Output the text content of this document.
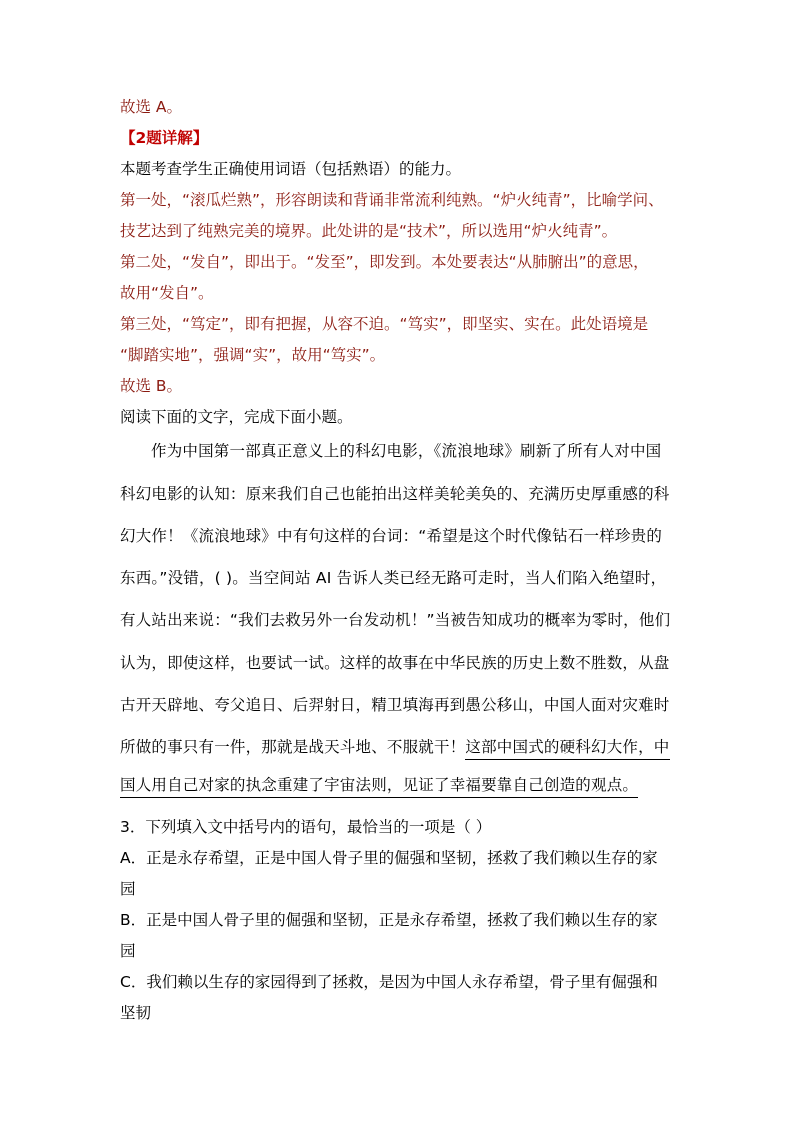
故选 A。
【2题详解】
本题考查学生正确使用词语（包括熟语）的能力。
第一处，“滚瓜烂熟”，形容朗读和背诵非常流利纯熟。“炉火纯青”，比喻学问、
技艺达到了纯熟完美的境界。此处讲的是“技术”，所以选用“炉火纯青”。
第二处，“发自”，即出于。“发至”，即发到。本处要表达“从肺腑出”的意思，
故用“发自”。
第三处，“笃定”，即有把握，从容不迫。“笃实”，即坚实、实在。此处语境是
“脚踏实地”，强调“实”，故用“笃实”。
故选 B。
阅读下面的文字，完成下面小题。
作为中国第一部真正意义上的科幻电影，《流浪地球》刷新了所有人对中国
科幻电影的认知：原来我们自己也能拍出这样美轮美奂的、充满历史厚重感的科
幻大作！《流浪地球》中有句这样的台词：“希望是这个时代像钻石一样珍贵的
东西。”没错，( )。当空间站 AI 告诉人类已经无路可走时，当人们陷入绝望时，
有人站出来说：“我们去救另外一台发动机！”当被告知成功的概率为零时，他们
认为，即使这样，也要试一试。这样的故事在中华民族的历史上数不胜数，从盘
古开天辟地、夸父追日、后羿射日，精卫填海再到愚公移山，中国人面对灾难时
所做的事只有一件，那就是战天斗地、不服就干！这部中国式的硬科幻大作，中
国人用自己对家的执念重建了宇宙法则，见证了幸福要靠自己创造的观点。
3．下列填入文中括号内的语句，最恰当的一项是（ ）
A．正是永存希望，正是中国人骨子里的倔强和坚韧，拯救了我们赖以生存的家
园
B．正是中国人骨子里的倔强和坚韧，正是永存希望，拯救了我们赖以生存的家
园
C．我们赖以生存的家园得到了拯救，是因为中国人永存希望，骨子里有倔强和
坚韧
